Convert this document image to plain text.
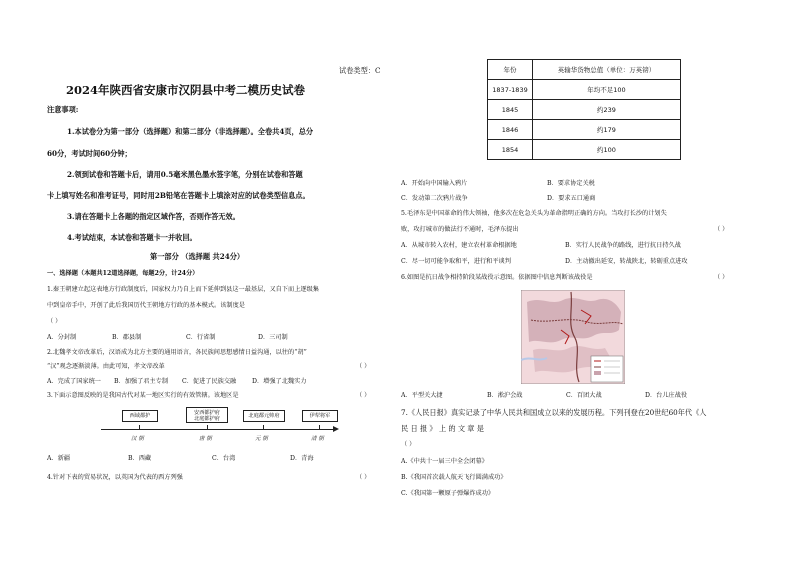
试卷类型：C
2024年陕西省安康市汉阴县中考二模历史试卷
注意事项:
1.本试卷分为第一部分（选择题）和第二部分（非选择题）。全卷共4页，总分
60分，考试时间60分钟；
2.领到试卷和答题卡后，请用0.5毫米黑色墨水签字笔，分别在试卷和答题
卡上填写姓名和准考证号，同时用2B铅笔在答题卡上填涂对应的试卷类型信息点。
3.请在答题卡上各题的指定区域作答，否则作答无效。
4.考试结束，本试卷和答题卡一并收回。
第一部分 （选择题 共24分）
一、选择题（本题共12道选择题，每题2分，计24分）
1.秦王朝建立起这表地方行政制度后，国家权力乃自上而下延伸到县这一最基层，又自下而上逐级集
中到皇帝手中，开创了此后我国历代王朝地方行政的基本模式。该制度是
（ ）
A．分封制	B．郡县制	C．行省制	D．三司制
2.北魏孝文帝改革后，汉语成为北方主要的通用语言，各民族间思想感情日益沟通，以往的“胡”
“汉”观念逐渐淡薄。由此可知，孝文帝改革	（ ）
A．完成了国家统一 B．加强了君主专制 C．促进了民族交融	D．增强了北魏实力
3.下面示意图反映的是我国古代对某一地区实行的有效管辖。该地区是	（ ）
西域都护	安西都护府
北庭都护府	北庭都元帅府	伊犁将军
汉 朝	唐 朝	元 朝	清 朝
A．新疆	B．西藏	C．台湾	D．青海
4.针对下表的贸易状况，以英国为代表的西方列强	（ ）
年份	英输华货物总值（单位：万英镑）
1837-1839	年均不足100
1845	约239
1846	约179
1854	约100
A．开始向中国输入鸦片	B．要求协定关税
C．发动第二次鸦片战争	D．要求五口通商
5.毛泽东是中国革命的伟大领袖，他多次在危急关头为革命指明正确的方向。当攻打长沙的计划失
败，攻打城市的做法行不通时，毛泽东提出	（ ）
A．从城市转入农村，建立农村革命根据地	B．实行人民战争的路线，进行抗日持久战
C．尽一切可能争取和平，进行和平谈判	D．主动撤出延安，转战陕北，转砺重点进攻
6.如图是抗日战争相持阶段某战役示意图。依据图中信息判断该战役是	（ ）
A．平型关大捷	B．淞沪会战	C．百团大战	D．台儿庄战役
7.《人民日报》真实记录了中华人民共和国成立以来的发展历程。下列刊登在20世纪60年代《人
民 日 报 》 上 的 文 章 是
（ ）
A.《中共十一届三中全会闭幕》
B.《我国首次载人航天飞行圆满成功》
C.《我国第一颗原子弹爆炸成功》
